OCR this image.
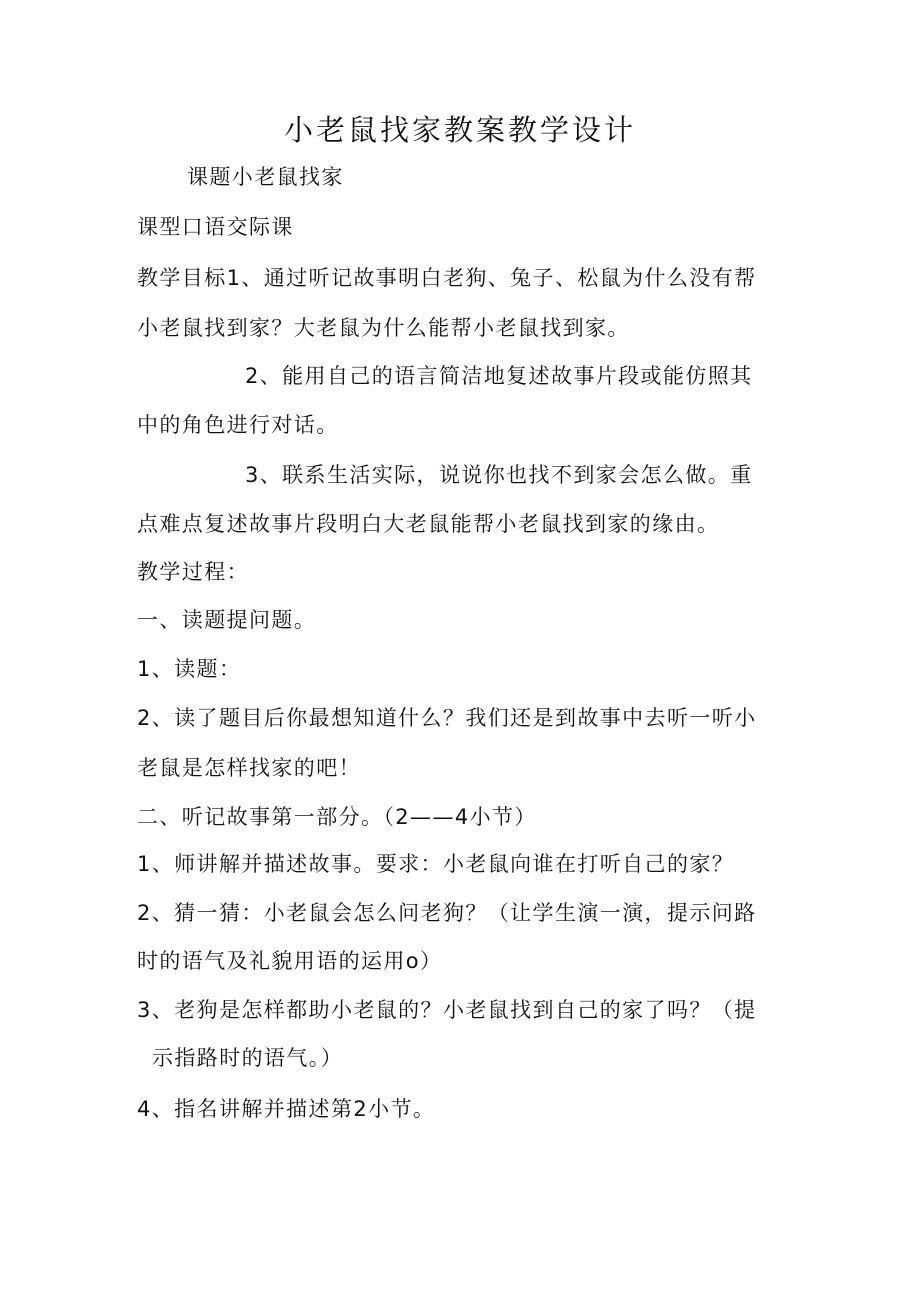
小老鼠找家教案教学设计
课题小老鼠找家
课型口语交际课
教学目标1、通过听记故事明白老狗、兔子、松鼠为什么没有帮
小老鼠找到家？大老鼠为什么能帮小老鼠找到家。
2、能用自己的语言简洁地复述故事片段或能仿照其
中的角色进行对话。
3、联系生活实际，说说你也找不到家会怎么做。重
点难点复述故事片段明白大老鼠能帮小老鼠找到家的缘由。
教学过程：
一、读题提问题。
1、读题：
2、读了题目后你最想知道什么？我们还是到故事中去听一听小
老鼠是怎样找家的吧！
二、听记故事第一部分。（2——4小节）
1、师讲解并描述故事。要求：小老鼠向谁在打听自己的家？
2、猜一猜：小老鼠会怎么问老狗？（让学生演一演，提示问路
时的语气及礼貌用语的运用o）
3、老狗是怎样都助小老鼠的？小老鼠找到自己的家了吗？（提
示指路时的语气。）
4、指名讲解并描述第2小节。
